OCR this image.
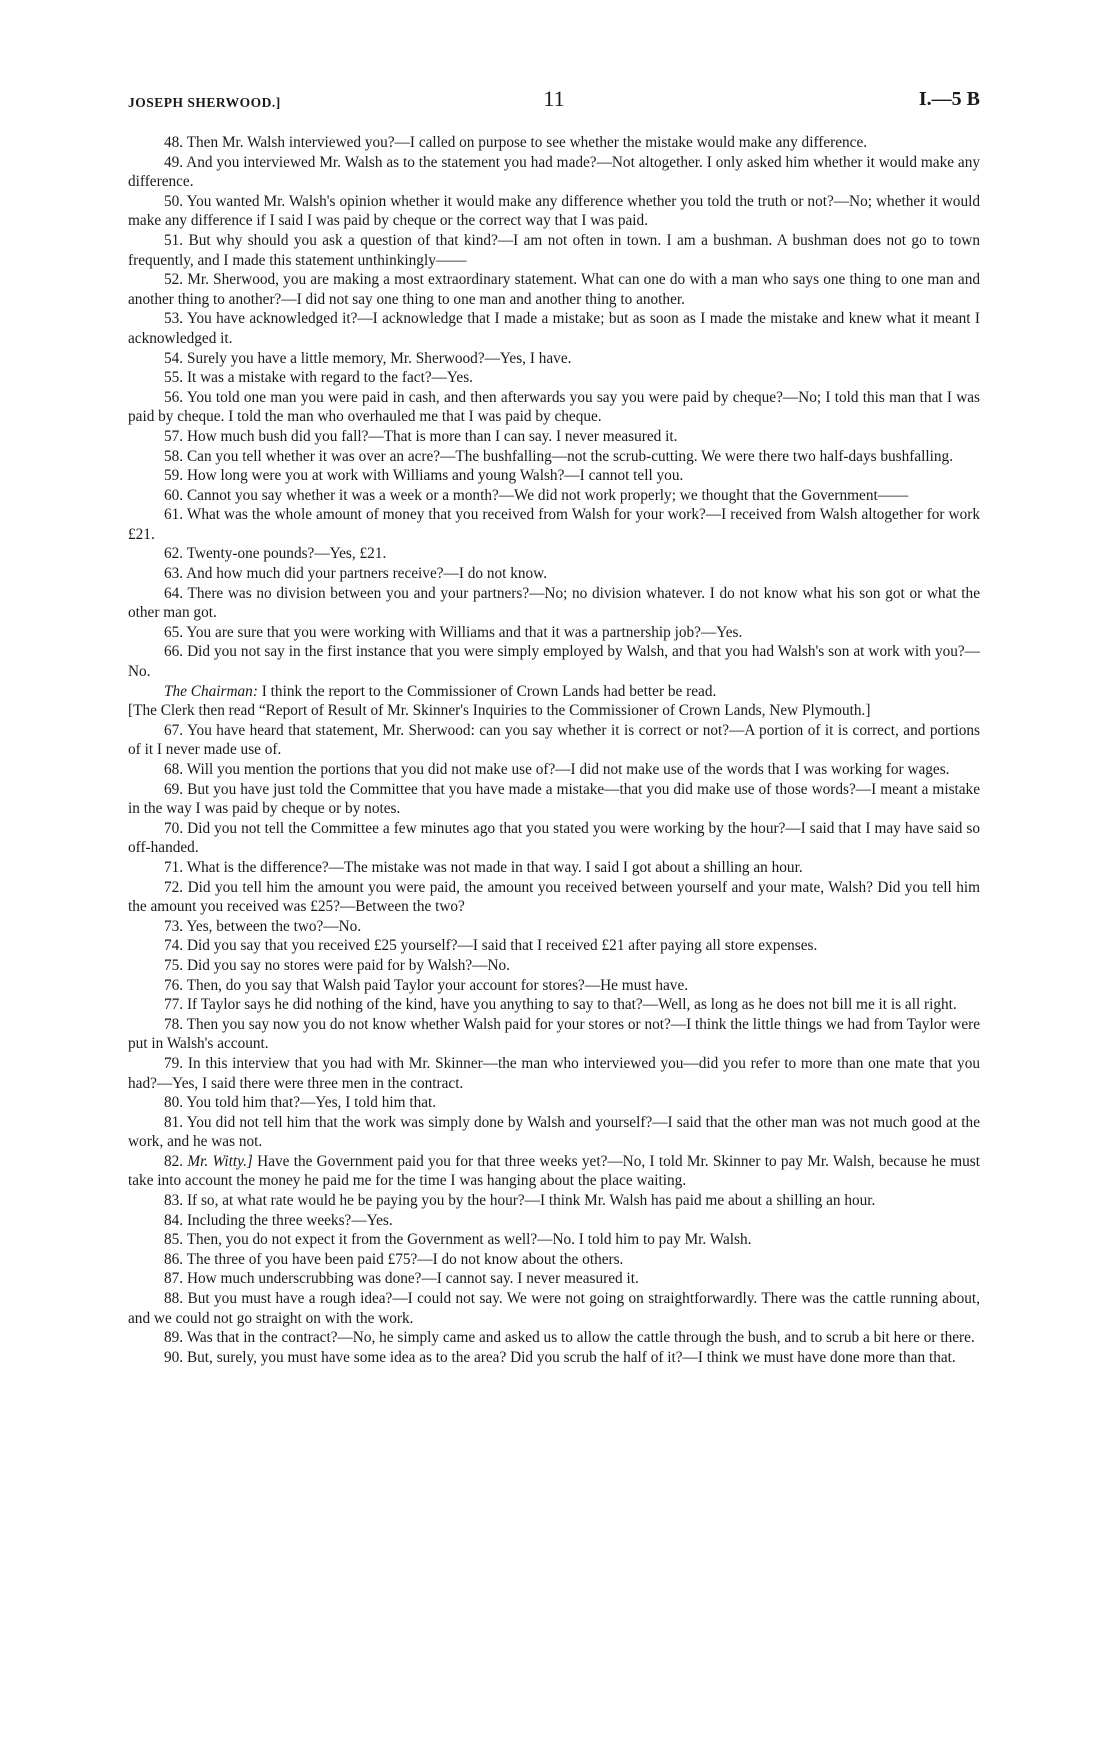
JOSEPH SHERWOOD.]	11	I.—5 B

48. Then Mr. Walsh interviewed you?—I called on purpose to see whether the mistake would make any difference.

49. And you interviewed Mr. Walsh as to the statement you had made?—Not altogether. I only asked him whether it would make any difference.

50. You wanted Mr. Walsh's opinion whether it would make any difference whether you told the truth or not?—No; whether it would make any difference if I said I was paid by cheque or the correct way that I was paid.

51. But why should you ask a question of that kind?—I am not often in town. I am a bushman. A bushman does not go to town frequently, and I made this statement unthinkingly——

52. Mr. Sherwood, you are making a most extraordinary statement. What can one do with a man who says one thing to one man and another thing to another?—I did not say one thing to one man and another thing to another.

53. You have acknowledged it?—I acknowledge that I made a mistake; but as soon as I made the mistake and knew what it meant I acknowledged it.

54. Surely you have a little memory, Mr. Sherwood?—Yes, I have.

55. It was a mistake with regard to the fact?—Yes.

56. You told one man you were paid in cash, and then afterwards you say you were paid by cheque?—No; I told this man that I was paid by cheque. I told the man who overhauled me that I was paid by cheque.

57. How much bush did you fall?—That is more than I can say. I never measured it.

58. Can you tell whether it was over an acre?—The bushfalling—not the scrub-cutting. We were there two half-days bushfalling.

59. How long were you at work with Williams and young Walsh?—I cannot tell you.

60. Cannot you say whether it was a week or a month?—We did not work properly; we thought that the Government——

61. What was the whole amount of money that you received from Walsh for your work?—I received from Walsh altogether for work £21.

62. Twenty-one pounds?—Yes, £21.

63. And how much did your partners receive?—I do not know.

64. There was no division between you and your partners?—No; no division whatever. I do not know what his son got or what the other man got.

65. You are sure that you were working with Williams and that it was a partnership job?—Yes.

66. Did you not say in the first instance that you were simply employed by Walsh, and that you had Walsh's son at work with you?—No.

The Chairman: I think the report to the Commissioner of Crown Lands had better be read.

[The Clerk then read “Report of Result of Mr. Skinner's Inquiries to the Commissioner of Crown Lands, New Plymouth.]

67. You have heard that statement, Mr. Sherwood: can you say whether it is correct or not?—A portion of it is correct, and portions of it I never made use of.

68. Will you mention the portions that you did not make use of?—I did not make use of the words that I was working for wages.

69. But you have just told the Committee that you have made a mistake—that you did make use of those words?—I meant a mistake in the way I was paid by cheque or by notes.

70. Did you not tell the Committee a few minutes ago that you stated you were working by the hour?—I said that I may have said so off-handed.

71. What is the difference?—The mistake was not made in that way. I said I got about a shilling an hour.

72. Did you tell him the amount you were paid, the amount you received between yourself and your mate, Walsh? Did you tell him the amount you received was £25?—Between the two?

73. Yes, between the two?—No.

74. Did you say that you received £25 yourself?—I said that I received £21 after paying all store expenses.

75. Did you say no stores were paid for by Walsh?—No.

76. Then, do you say that Walsh paid Taylor your account for stores?—He must have.

77. If Taylor says he did nothing of the kind, have you anything to say to that?—Well, as long as he does not bill me it is all right.

78. Then you say now you do not know whether Walsh paid for your stores or not?—I think the little things we had from Taylor were put in Walsh's account.

79. In this interview that you had with Mr. Skinner—the man who interviewed you—did you refer to more than one mate that you had?—Yes, I said there were three men in the contract.

80. You told him that?—Yes, I told him that.

81. You did not tell him that the work was simply done by Walsh and yourself?—I said that the other man was not much good at the work, and he was not.

82. Mr. Witty.] Have the Government paid you for that three weeks yet?—No, I told Mr. Skinner to pay Mr. Walsh, because he must take into account the money he paid me for the time I was hanging about the place waiting.

83. If so, at what rate would he be paying you by the hour?—I think Mr. Walsh has paid me about a shilling an hour.

84. Including the three weeks?—Yes.

85. Then, you do not expect it from the Government as well?—No. I told him to pay Mr. Walsh.

86. The three of you have been paid £75?—I do not know about the others.

87. How much underscrubbing was done?—I cannot say. I never measured it.

88. But you must have a rough idea?—I could not say. We were not going on straightforwardly. There was the cattle running about, and we could not go straight on with the work.

89. Was that in the contract?—No, he simply came and asked us to allow the cattle through the bush, and to scrub a bit here or there.

90. But, surely, you must have some idea as to the area? Did you scrub the half of it?—I think we must have done more than that.
